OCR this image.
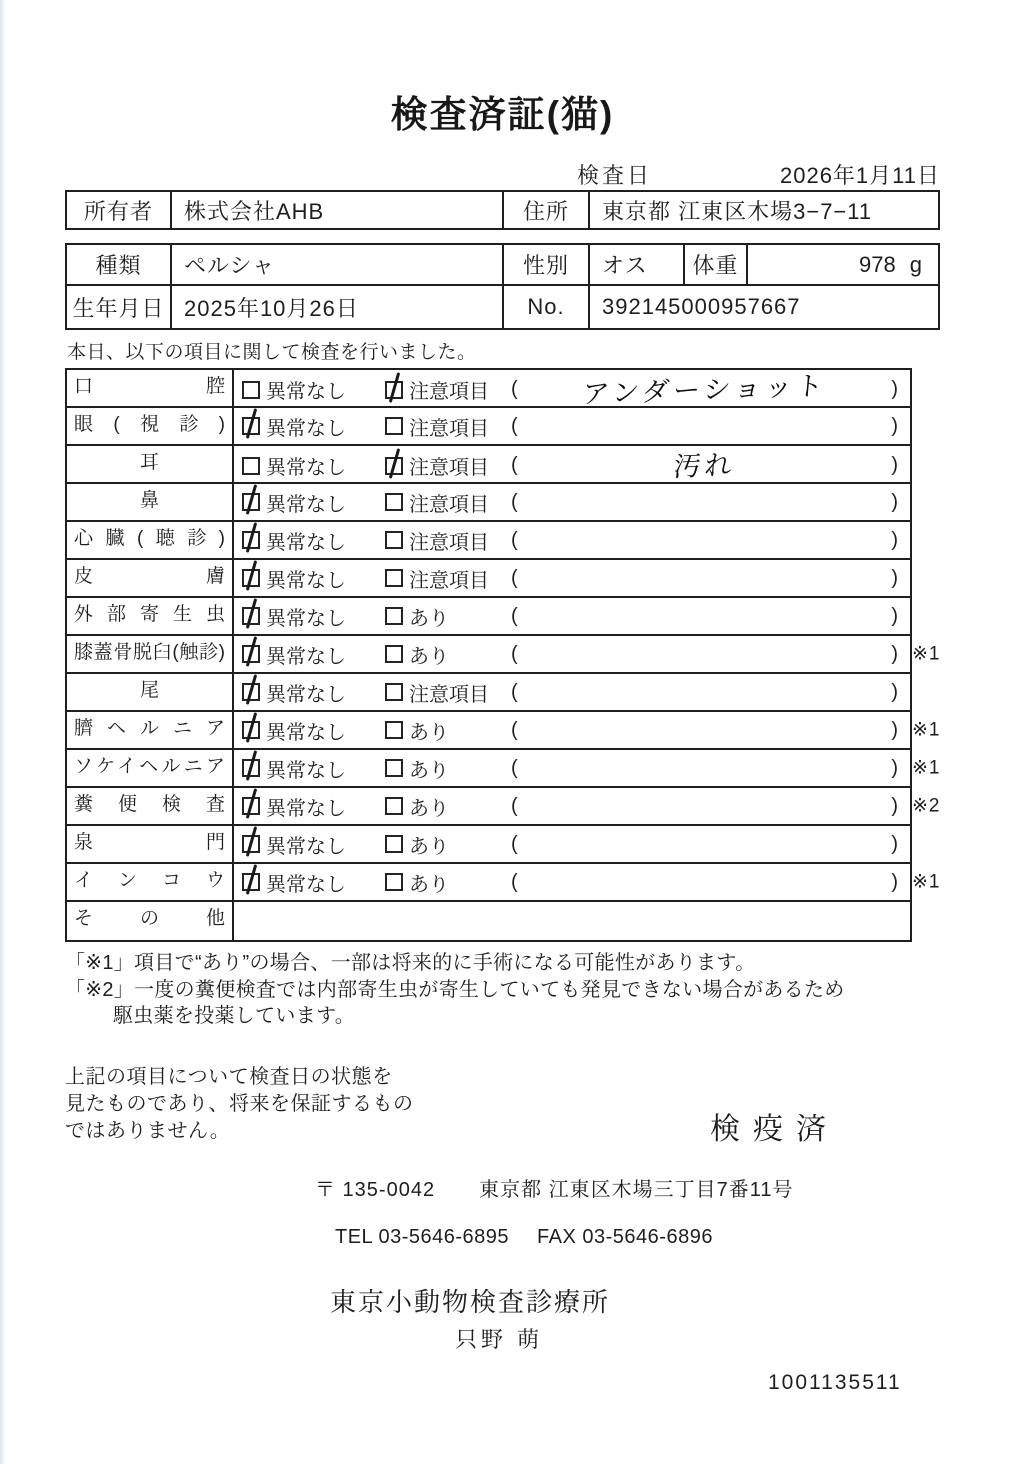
検査済証(猫)
検査日	2026年1月11日
所有者	株式会社AHB	住所	東京都 江東区木場3−7−11
種類	ペルシャ	性別	オス	体重	978 g
生年月日 2025年10月26日	No.	392145000957667

本日、以下の項目に関して検査を行いました。

口腔	異常なし	注意項目 (	アンダーショット	)
眼(視診)	異常なし	注意項目 (	)
耳	異常なし	注意項目 (	汚れ	)
鼻	異常なし	注意項目 (	)
心臓(聴診)	異常なし	注意項目 (	)
皮膚	異常なし	注意項目 (	)
外部寄生虫	異常なし	あり	(	)
膝蓋骨脱臼(触診)	異常なし	あり	(	) ※1
尾	異常なし	注意項目 (	)
臍ヘルニア	異常なし	あり	(	) ※1
ソケイヘルニア	異常なし	あり	(	) ※1
糞便検査	異常なし	あり	(	) ※2
泉門	異常なし	あり	(	)
インコウ	異常なし	あり	(	) ※1
その他
「※1」項目で“あり”の場合、一部は将来的に手術になる可能性があります。
「※2」一度の糞便検査では内部寄生虫が寄生していても発見できない場合があるため
駆虫薬を投薬しています。
上記の項目について検査日の状態を
見たものであり、将来を保証するもの
ではありません。	検疫済
〒 135-0042 東京都 江東区木場三丁目7番11号
TEL 03-5646-6895 FAX 03-5646-6896
東京小動物検査診療所
只野 萌
1001135511
